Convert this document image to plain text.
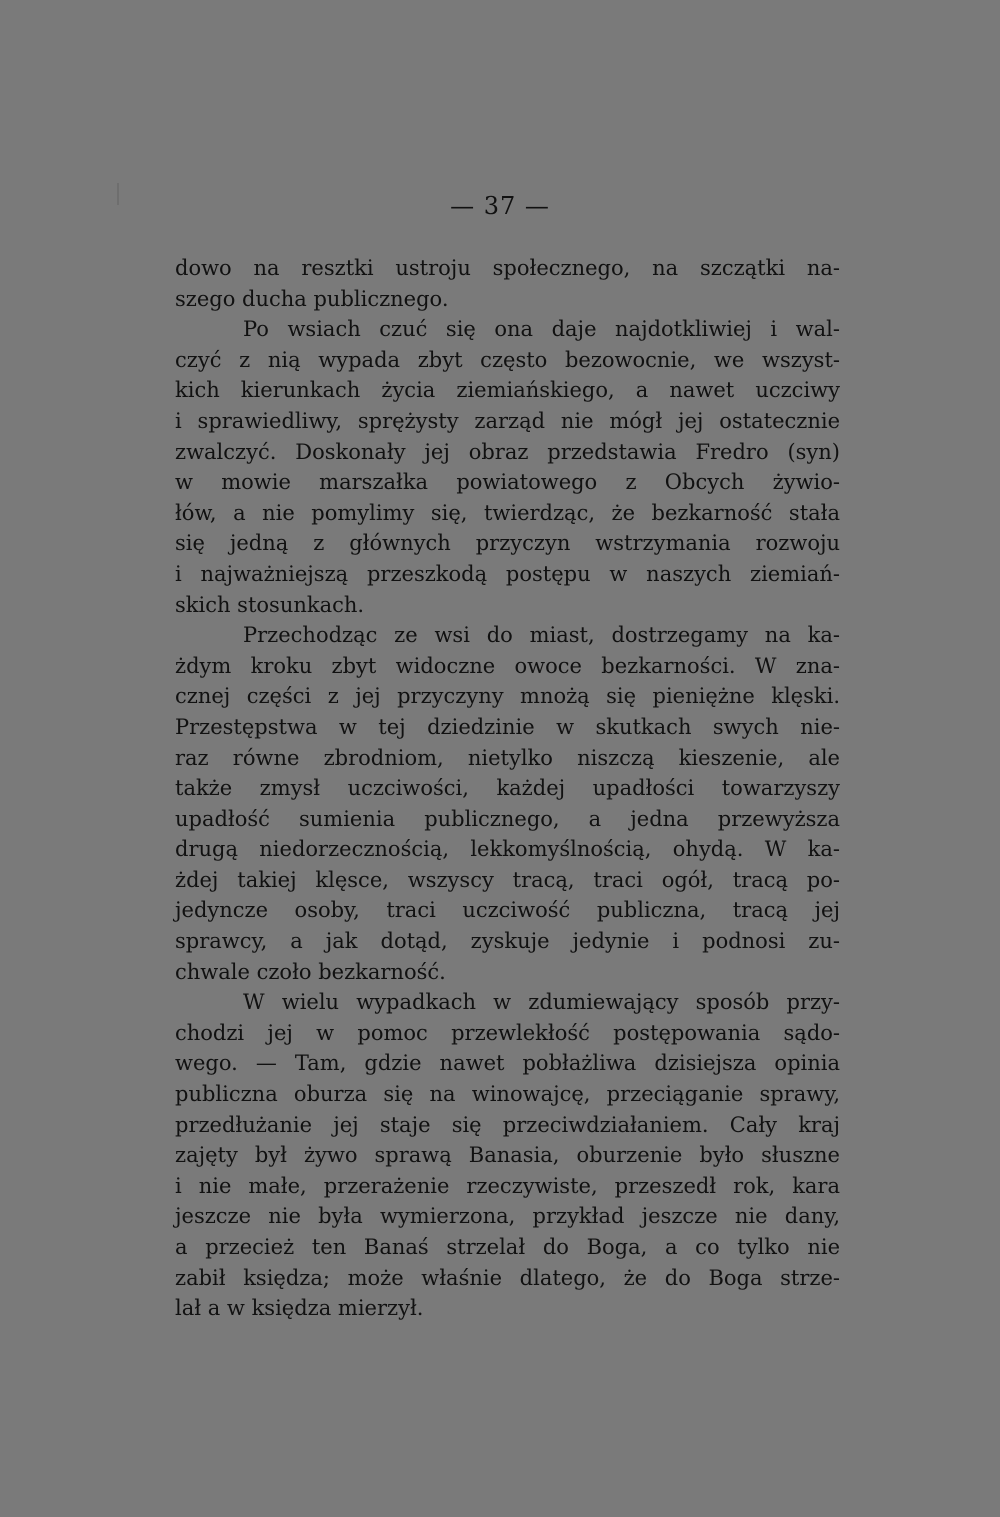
— 37 —
dowo na resztki ustroju społecznego, na szczątki na-
szego ducha publicznego.
Po wsiach czuć się ona daje najdotkliwiej i wal-
czyć z nią wypada zbyt często bezowocnie, we wszyst-
kich kierunkach życia ziemiańskiego, a nawet uczciwy
i sprawiedliwy, sprężysty zarząd nie mógł jej ostatecznie
zwalczyć. Doskonały jej obraz przedstawia Fredro (syn)
w mowie marszałka powiatowego z Obcych żywio-
łów, a nie pomylimy się, twierdząc, że bezkarność stała
się jedną z głównych przyczyn wstrzymania rozwoju
i najważniejszą przeszkodą postępu w naszych ziemiań-
skich stosunkach.
Przechodząc ze wsi do miast, dostrzegamy na ka-
żdym kroku zbyt widoczne owoce bezkarności. W zna-
cznej części z jej przyczyny mnożą się pieniężne klęski.
Przestępstwa w tej dziedzinie w skutkach swych nie-
raz równe zbrodniom, nietylko niszczą kieszenie, ale
także zmysł uczciwości, każdej upadłości towarzyszy
upadłość sumienia publicznego, a jedna przewyższa
drugą niedorzecznością, lekkomyślnością, ohydą. W ka-
żdej takiej klęsce, wszyscy tracą, traci ogół, tracą po-
jedyncze osoby, traci uczciwość publiczna, tracą jej
sprawcy, a jak dotąd, zyskuje jedynie i podnosi zu-
chwale czoło bezkarność.
W wielu wypadkach w zdumiewający sposób przy-
chodzi jej w pomoc przewlekłość postępowania sądo-
wego. — Tam, gdzie nawet pobłażliwa dzisiejsza opinia
publiczna oburza się na winowajcę, przeciąganie sprawy,
przedłużanie jej staje się przeciwdziałaniem. Cały kraj
zajęty był żywo sprawą Banasia, oburzenie było słuszne
i nie małe, przerażenie rzeczywiste, przeszedł rok, kara
jeszcze nie była wymierzona, przykład jeszcze nie dany,
a przecież ten Banaś strzelał do Boga, a co tylko nie
zabił księdza; może właśnie dlatego, że do Boga strze-
lał a w księdza mierzył.
